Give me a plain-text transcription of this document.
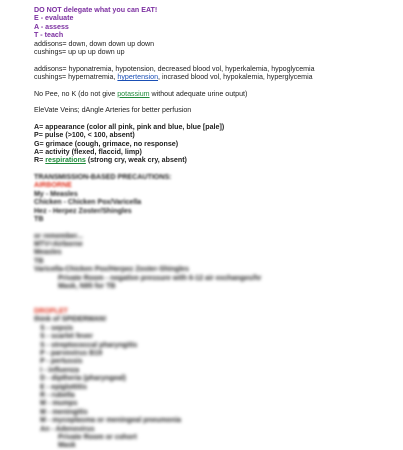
DO NOT delegate what you can EAT!
E - evaluate
A - assess
T - teach
addisons= down, down down up down
cushings= up up up down up
addisons= hyponatremia, hypotension, decreased blood vol, hyperkalemia, hypoglycemia
cushings= hypernatremia, hypertension, incrased blood vol, hypokalemia, hyperglycemia
No Pee, no K (do not give potassium without adequate urine output)
EleVate Veins; dAngle Arteries for better perfusion
A= appearance (color all pink, pink and blue, blue [pale])
P= pulse (>100, < 100, absent)
G= grimace (cough, grimace, no response)
A= activity (flexed, flaccid, limp)
R= respirations (strong cry, weak cry, absent)
TRANSMISSION-BASED PRECAUTIONS:
AIRBORNE
My - Measles
Chicken - Chicken Pox/Varicella
Hez - Herpez Zoster/Shingles
TB
or remember...
MTV=Airborne
Measles
TB
Varicella-Chicken Pox/Herpez Zoster-Shingles
Private Room - negative pressure with 6-12 air exchanges/hr
Mask, N95 for TB
DROPLET
think of SPIDERMAN!
S - sepsis
S - scarlet fever
S - streptococcal pharyngitis
P - parvovirus B19
P - pertussis
I - influenza
D - diptheria (pharyngeal)
E - epiglottitis
R - rubella
M - mumps
M - meningitis
M - mycoplasma or meningeal pneumonia
An - Adenovirus
Private Room or cohort
Mask
